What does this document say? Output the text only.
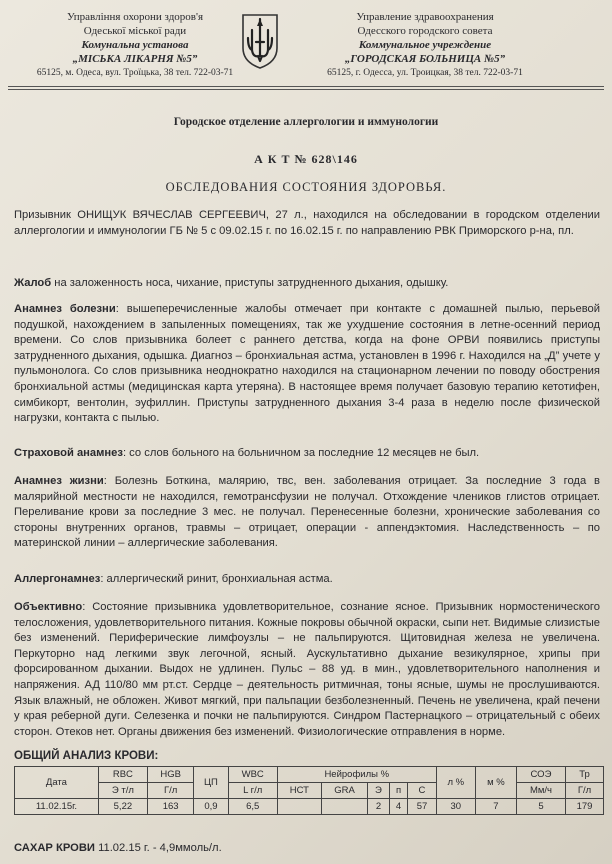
Управління охорони здоров'я
Одеської міської ради
Комунальна установа
„МІСЬКА ЛІКАРНЯ №5”
65125, м. Одеса, вул. Троїцька, 38 тел. 722-03-71
Управление здравоохранения
Одесского городского совета
Коммунальное учреждение
„ГОРОДСКАЯ БОЛЬНИЦА №5”
65125, г. Одесса, ул. Троицкая, 38 тел. 722-03-71
Городское отделение аллергологии и иммунологии
А К Т № 628\146
ОБСЛЕДОВАНИЯ СОСТОЯНИЯ ЗДОРОВЬЯ.
Призывник ОНИЩУК ВЯЧЕСЛАВ СЕРГЕЕВИЧ, 27 л., находился на обследовании в городском отделении аллергологии и иммунологии ГБ № 5 с 09.02.15 г. по 16.02.15 г. по направлению РВК Приморского р-на, пл.
Жалоб на заложенность носа, чихание, приступы затрудненного дыхания, одышку.
Анамнез болезни: вышеперечисленные жалобы отмечает при контакте с домашней пылью, перьевой подушкой, нахождением в запыленных помещениях, так же ухудшение состояния в летне-осенний период времени. Со слов призывника болеет с раннего детства, когда на фоне ОРВИ появились приступы затрудненного дыхания, одышка. Диагноз – бронхиальная астма, установлен в 1996 г. Находился на „Д” учете у пульмонолога. Со слов призывника неоднократно находился на стационарном лечении по поводу обострения бронхиальной астмы (медицинская карта утеряна). В настоящее время получает базовую терапию кетотифен, симбикорт, вентолин, эуфиллин. Приступы затрудненного дыхания 3-4 раза в неделю после физической нагрузки, контакта с пылью.
Страховой анамнез: со слов больного на больничном за последние 12 месяцев не был.
Анамнез жизни: Болезнь Боткина, малярию, твс, вен. заболевания отрицает. За последние 3 года в малярийной местности не находился, гемотрансфузии не получал. Отхождение члеников глистов отрицает. Переливание крови за последние 3 мес. не получал. Перенесенные болезни, хронические заболевания со стороны внутренних органов, травмы – отрицает, операции - аппендэктомия. Наследственность – по материнской линии – аллергические заболевания.
Аллергонамнез: аллергический ринит, бронхиальная астма.
Объективно: Состояние призывника удовлетворительное, сознание ясное. Призывник нормостенического телосложения, удовлетворительного питания. Кожные покровы обычной окраски, сыпи нет. Видимые слизистые без изменений. Периферические лимфоузлы – не пальпируются. Щитовидная железа не увеличена. Перкуторно над легкими звук легочной, ясный. Аускультативно дыхание везикулярное, хрипы при форсированном дыхании. Выдох не удлинен. Пульс – 88 уд. в мин., удовлетворительного наполнения и напряжения. АД 110/80 мм рт.ст. Сердце – деятельность ритмичная, тоны ясные, шумы не прослушиваются. Язык влажный, не обложен. Живот мягкий, при пальпации безболезненный. Печень не увеличена, край печени у края реберной дуги. Селезенка и почки не пальпируются. Синдром Пастернацкого – отрицательный с обеих сторон. Отеков нет. Органы движения без изменений. Физиологические отправления в норме.
ОБЩИЙ АНАЛИЗ КРОВИ:
Дата	RBC	HGB	ЦП	WBC	Нейрофилы %					л %	м %	СОЭ	Тр
	Э т/л	Г/л		L г/л	НСТ	GRA	Э	п	С			Мм/ч	Г/л
11.02.15г.	5,22	163	0,9	6,5			2	4	57	30	7	5	179
САХАР КРОВИ 11.02.15 г. - 4,9ммоль/л.
